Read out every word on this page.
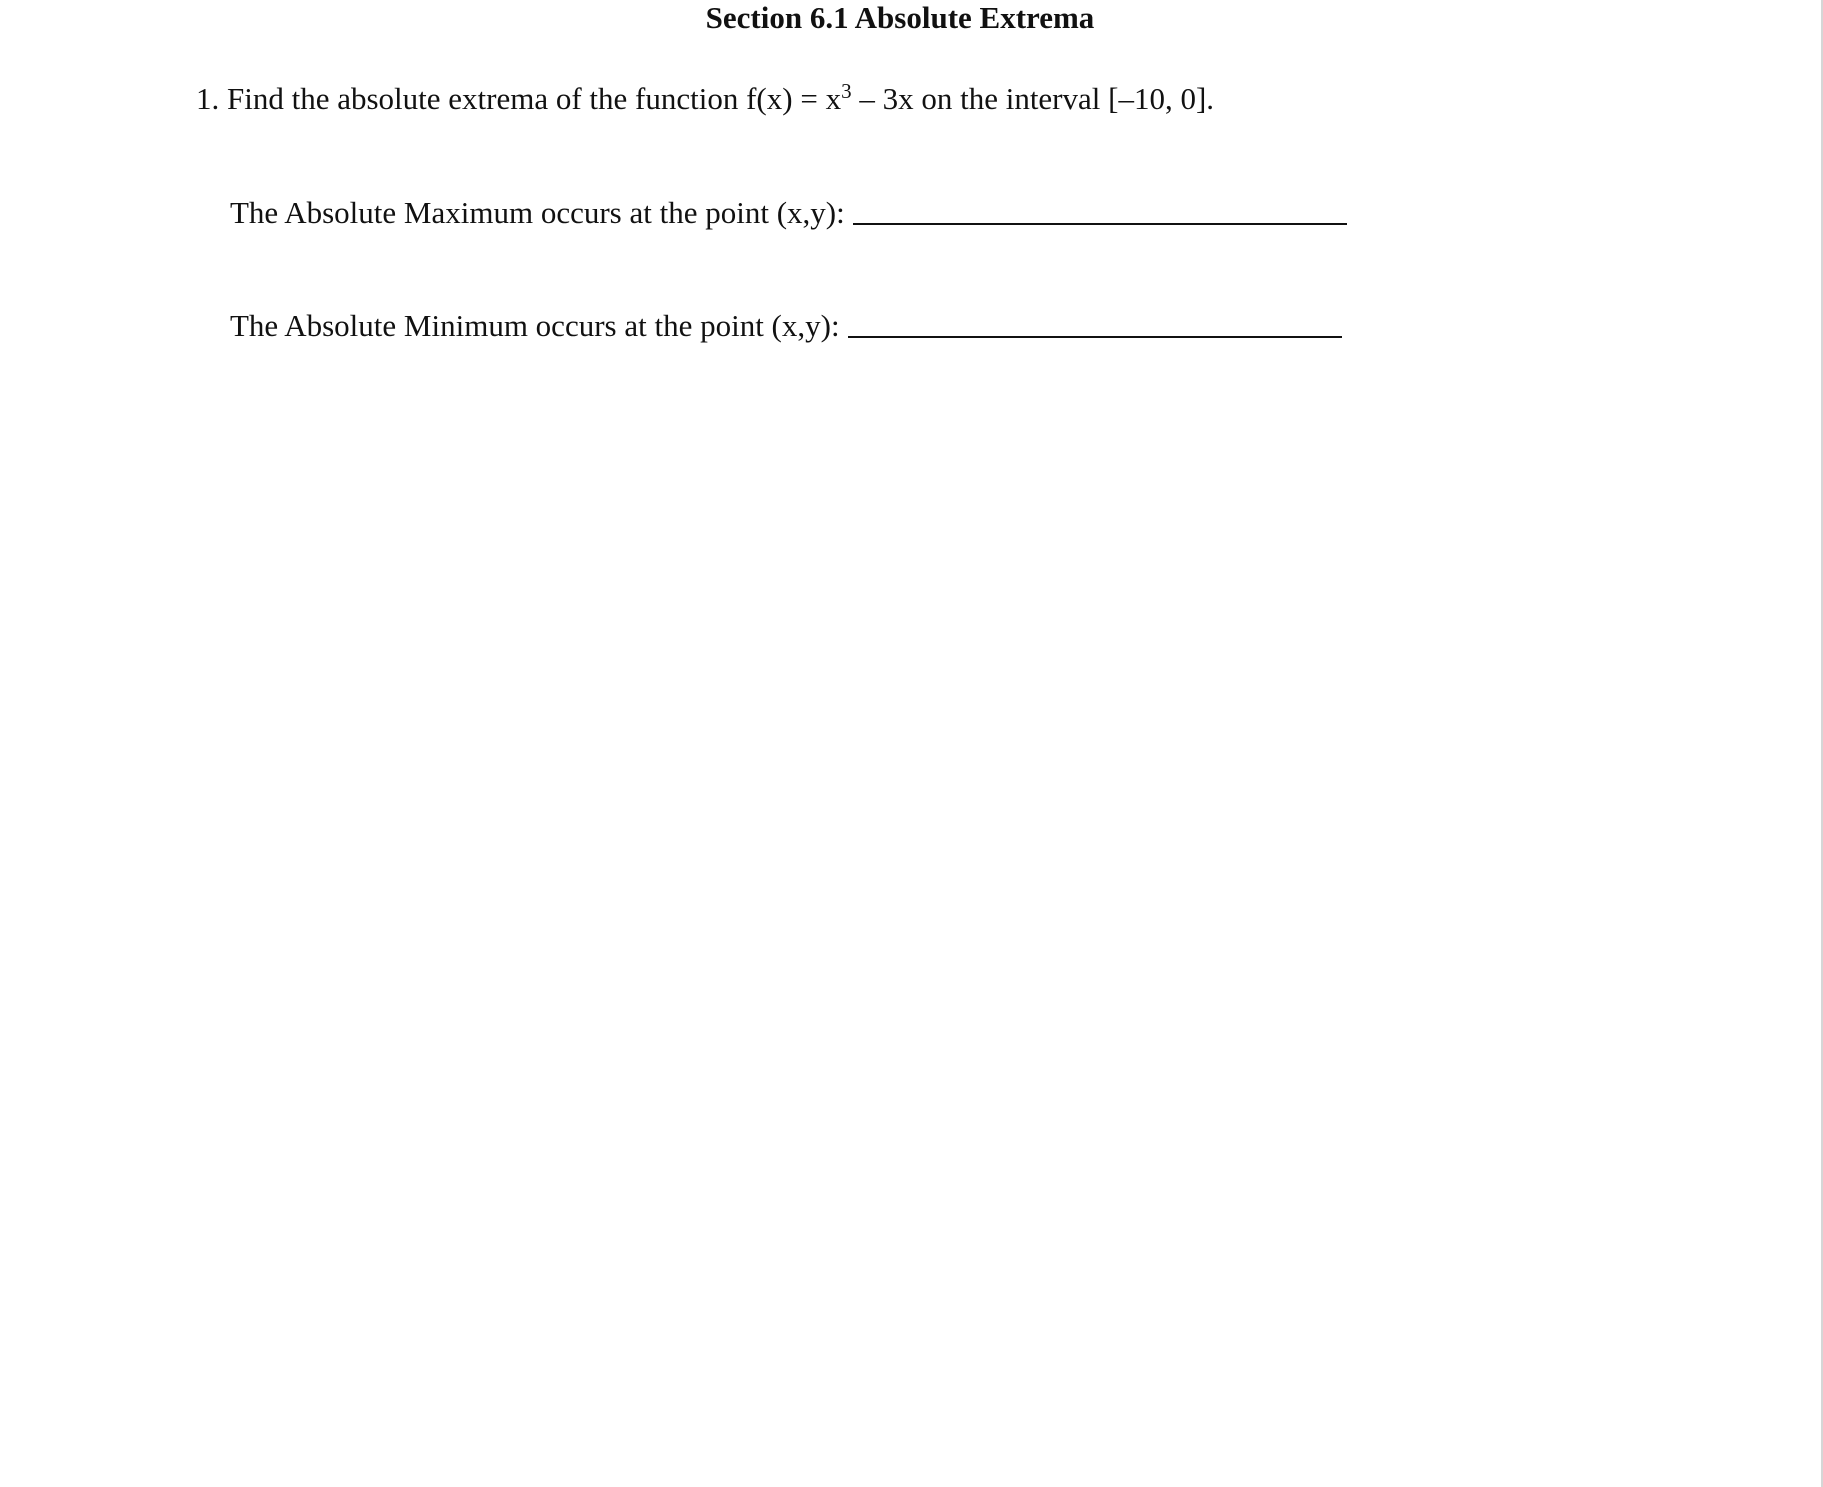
Section 6.1 Absolute Extrema
1. Find the absolute extrema of the function $f(x) = x^3 - 3x$ on the interval [–10, 0].
The Absolute Maximum occurs at the point (x,y):
The Absolute Minimum occurs at the point (x,y):
